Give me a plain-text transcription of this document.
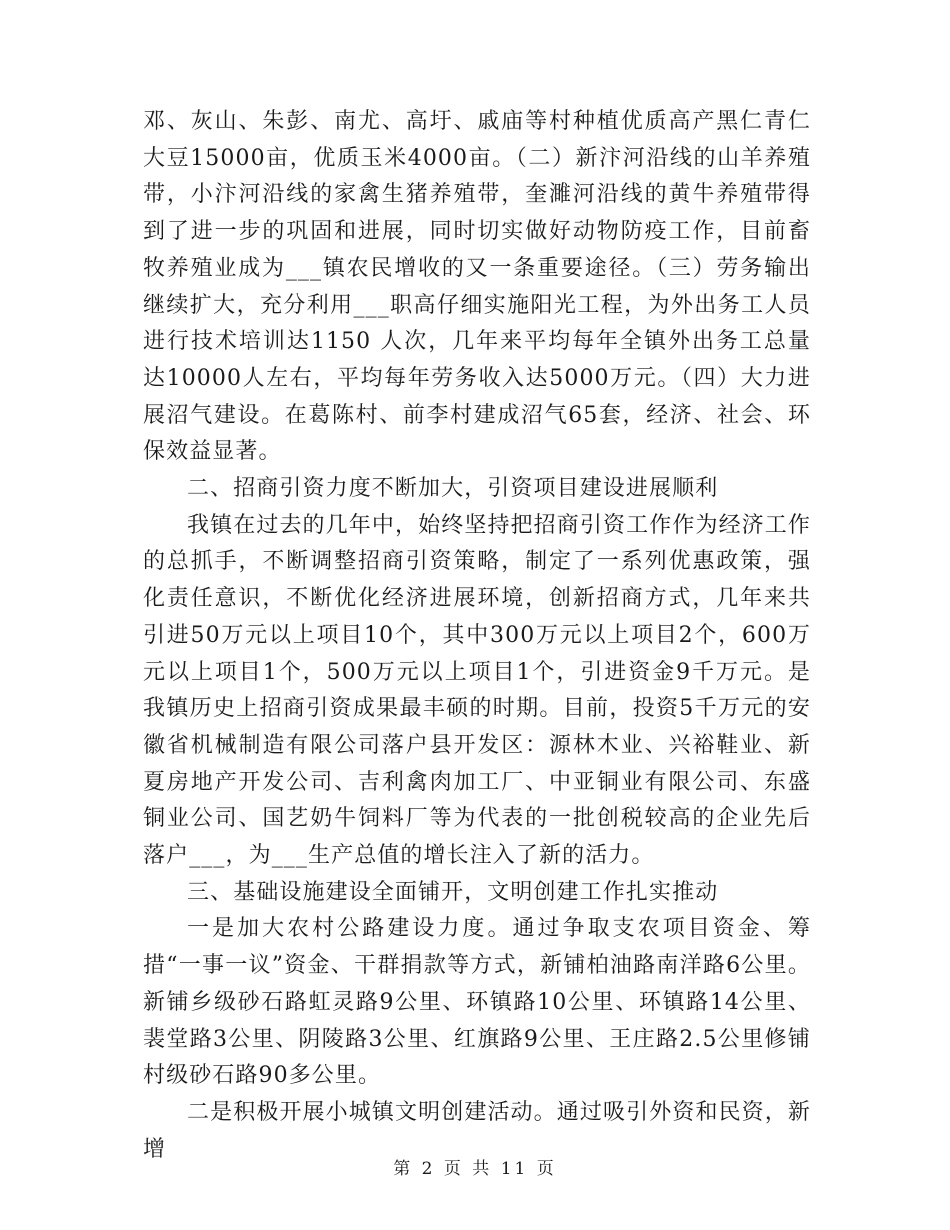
邓、灰山、朱彭、南尤、高圩、戚庙等村种植优质高产黑仁青仁大豆15000亩，优质玉米4000亩。（二）新汴河沿线的山羊养殖带，小汴河沿线的家禽生猪养殖带，奎濉河沿线的黄牛养殖带得到了进一步的巩固和进展，同时切实做好动物防疫工作，目前畜牧养殖业成为___镇农民增收的又一条重要途径。（三）劳务输出继续扩大，充分利用___职高仔细实施阳光工程，为外出务工人员进行技术培训达1150 人次，几年来平均每年全镇外出务工总量达10000人左右，平均每年劳务收入达5000万元。（四）大力进展沼气建设。在葛陈村、前李村建成沼气65套，经济、社会、环保效益显著。

二、招商引资力度不断加大，引资项目建设进展顺利

我镇在过去的几年中，始终坚持把招商引资工作作为经济工作的总抓手，不断调整招商引资策略，制定了一系列优惠政策，强化责任意识，不断优化经济进展环境，创新招商方式，几年来共引进50万元以上项目10个，其中300万元以上项目2个，600万元以上项目1个，500万元以上项目1个，引进资金9千万元。是我镇历史上招商引资成果最丰硕的时期。目前，投资5千万元的安徽省机械制造有限公司落户县开发区：源林木业、兴裕鞋业、新夏房地产开发公司、吉利禽肉加工厂、中亚铜业有限公司、东盛铜业公司、国艺奶牛饲料厂等为代表的一批创税较高的企业先后落户___，为___生产总值的增长注入了新的活力。

三、基础设施建设全面铺开，文明创建工作扎实推动

一是加大农村公路建设力度。通过争取支农项目资金、筹措“一事一议”资金、干群捐款等方式，新铺柏油路南洋路6公里。新铺乡级砂石路虹灵路9公里、环镇路10公里、环镇路14公里、裴堂路3公里、阴陵路3公里、红旗路9公里、王庄路2.5公里修铺村级砂石路90多公里。

二是积极开展小城镇文明创建活动。通过吸引外资和民资，新增

第 2 页 共 11 页
